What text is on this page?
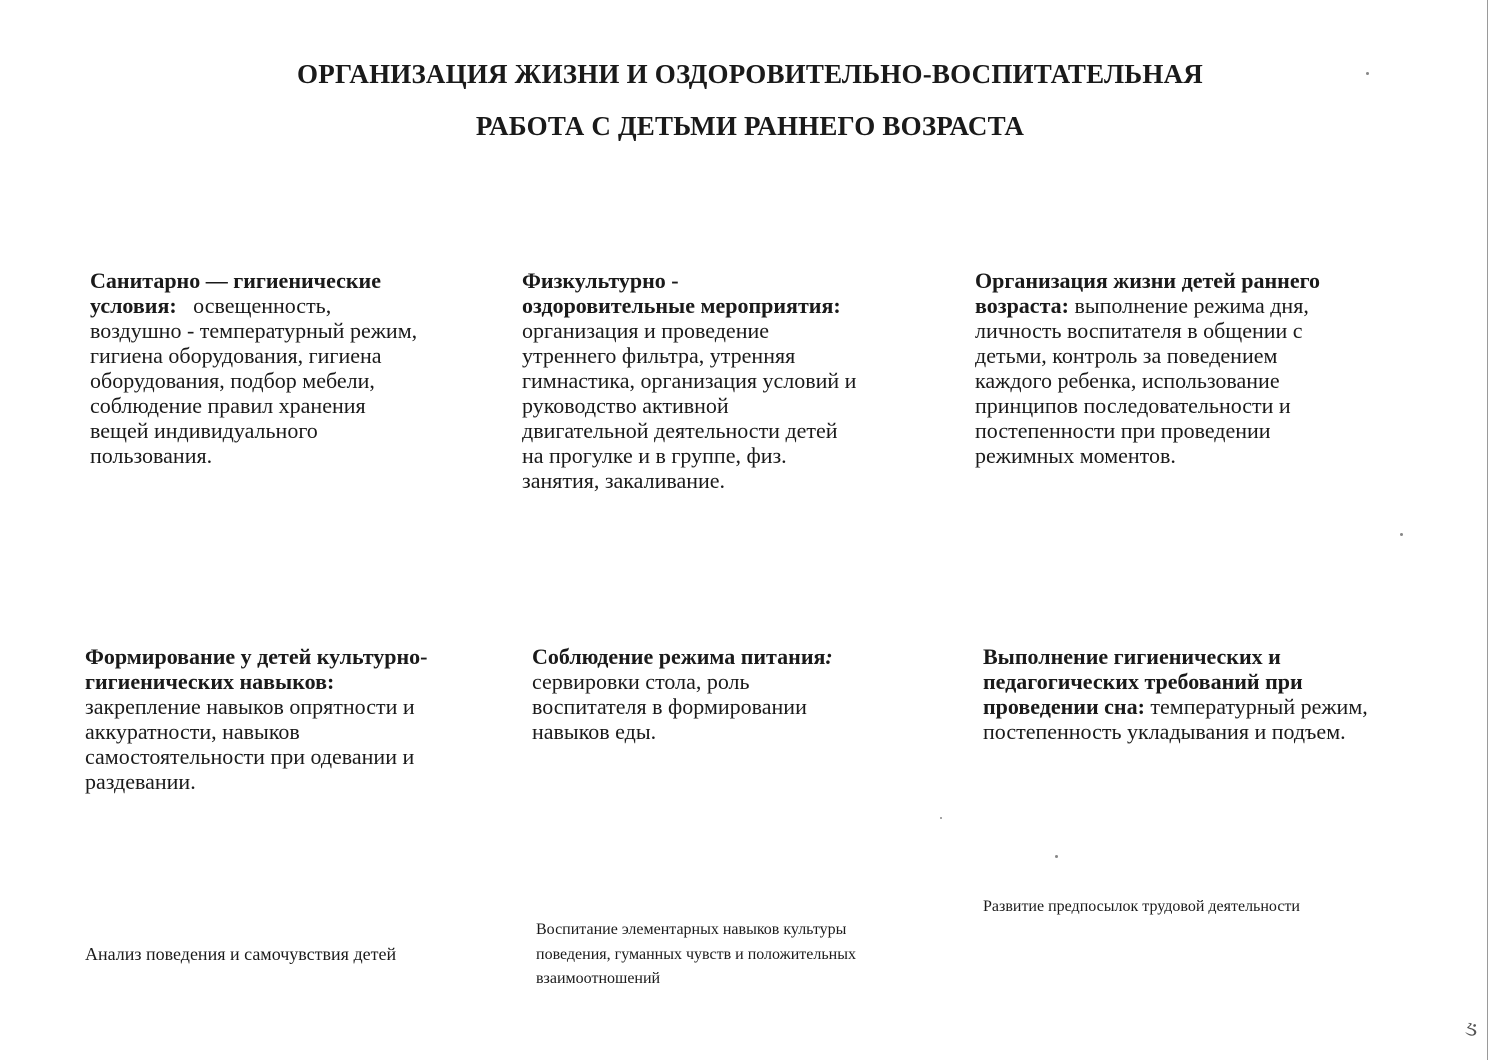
ОРГАНИЗАЦИЯ ЖИЗНИ И ОЗДОРОВИТЕЛЬНО-ВОСПИТАТЕЛЬНАЯ
РАБОТА С ДЕТЬМИ РАННЕГО ВОЗРАСТА
Санитарно — гигиенические условия: освещенность, воздушно - температурный режим, гигиена оборудования, гигиена оборудования, подбор мебели, соблюдение правил хранения вещей индивидуального пользования.
Физкультурно - оздоровительные мероприятия: организация и проведение утреннего фильтра, утренняя гимнастика, организация условий и руководство активной двигательной деятельности детей на прогулке и в группе, физ. занятия, закаливание.
Организация жизни детей раннего возраста: выполнение режима дня, личность воспитателя в общении с детьми, контроль за поведением каждого ребенка, использование принципов последовательности и постепенности при проведении режимных моментов.
Формирование у детей культурно- гигиенических навыков:
закрепление навыков опрятности и аккуратности, навыков самостоятельности при одевании и раздевании.
Соблюдение режима питания:
сервировки стола, роль воспитателя в формировании навыков еды.
Выполнение гигиенических и педагогических требований при проведении сна: температурный режим, постепенность укладывания и подъем.
Анализ поведения и самочувствия детей
Воспитание элементарных навыков культуры поведения, гуманных чувств и положительных взаимоотношений
Развитие предпосылок трудовой деятельности
ઙ
